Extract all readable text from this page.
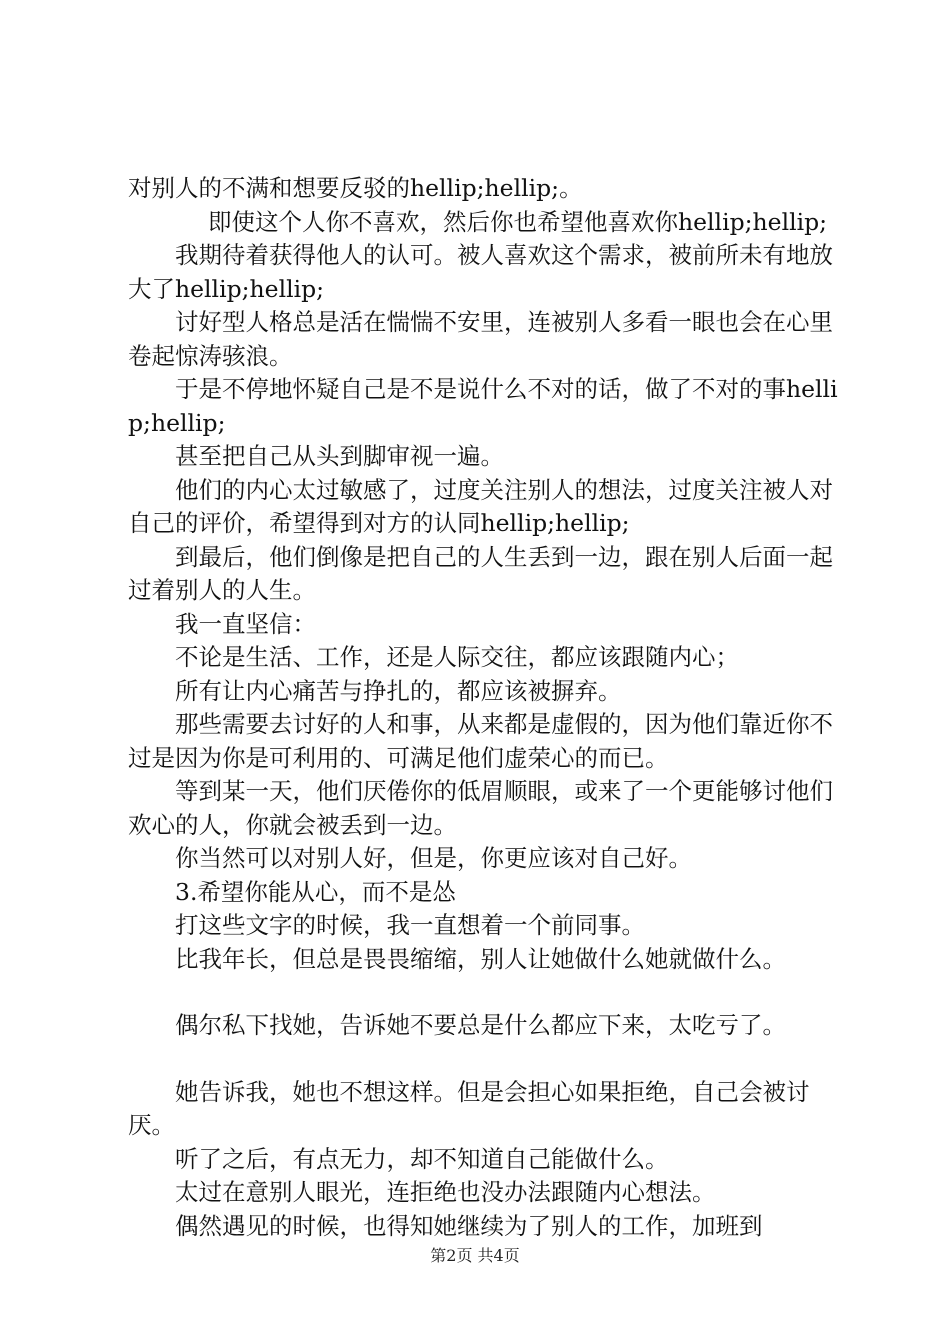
对别人的不满和想要反驳的hellip;hellip;。

即使这个人你不喜欢，然后你也希望他喜欢你hellip;hellip;

我期待着获得他人的认可。被人喜欢这个需求，被前所未有地放大了hellip;hellip;

讨好型人格总是活在惴惴不安里，连被别人多看一眼也会在心里卷起惊涛骇浪。

于是不停地怀疑自己是不是说什么不对的话，做了不对的事hellip;hellip;

甚至把自己从头到脚审视一遍。

他们的内心太过敏感了，过度关注别人的想法，过度关注被人对自己的评价，希望得到对方的认同hellip;hellip;

到最后，他们倒像是把自己的人生丢到一边，跟在别人后面一起过着别人的人生。

我一直坚信：

不论是生活、工作，还是人际交往，都应该跟随内心；

所有让内心痛苦与挣扎的，都应该被摒弃。

那些需要去讨好的人和事，从来都是虚假的，因为他们靠近你不过是因为你是可利用的、可满足他们虚荣心的而已。

等到某一天，他们厌倦你的低眉顺眼，或来了一个更能够讨他们欢心的人，你就会被丢到一边。

你当然可以对别人好，但是，你更应该对自己好。

3.希望你能从心，而不是怂

打这些文字的时候，我一直想着一个前同事。

比我年长，但总是畏畏缩缩，别人让她做什么她就做什么。

偶尔私下找她，告诉她不要总是什么都应下来，太吃亏了。

她告诉我，她也不想这样。但是会担心如果拒绝，自己会被讨厌。

听了之后，有点无力，却不知道自己能做什么。

太过在意别人眼光，连拒绝也没办法跟随内心想法。

偶然遇见的时候，也得知她继续为了别人的工作，加班到

第2页 共4页
